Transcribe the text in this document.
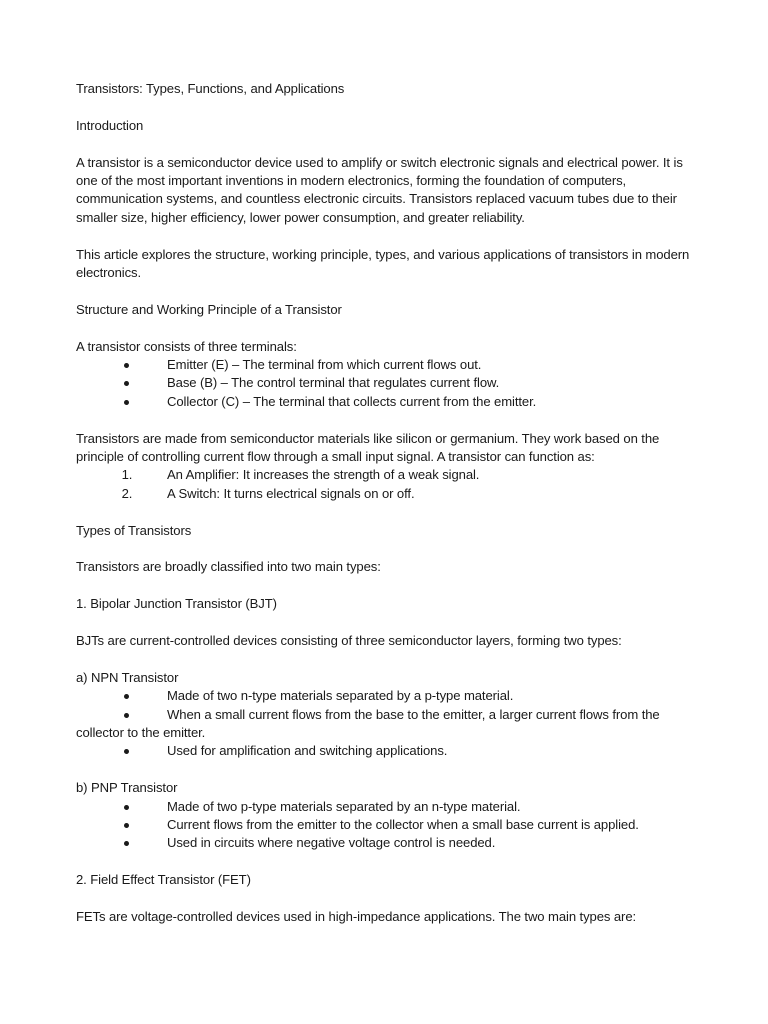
Transistors: Types, Functions, and Applications

Introduction

A transistor is a semiconductor device used to amplify or switch electronic signals and electrical power. It is one of the most important inventions in modern electronics, forming the foundation of computers, communication systems, and countless electronic circuits. Transistors replaced vacuum tubes due to their smaller size, higher efficiency, lower power consumption, and greater reliability.

This article explores the structure, working principle, types, and various applications of transistors in modern electronics.

Structure and Working Principle of a Transistor

A transistor consists of three terminals:

Emitter (E) – The terminal from which current flows out.
Base (B) – The control terminal that regulates current flow.
Collector (C) – The terminal that collects current from the emitter.

Transistors are made from semiconductor materials like silicon or germanium. They work based on the principle of controlling current flow through a small input signal. A transistor can function as:

1.	An Amplifier: It increases the strength of a weak signal.
2.	A Switch: It turns electrical signals on or off.

Types of Transistors

Transistors are broadly classified into two main types:

1. Bipolar Junction Transistor (BJT)

BJTs are current-controlled devices consisting of three semiconductor layers, forming two types:

a) NPN Transistor

Made of two n-type materials separated by a p-type material.
When a small current flows from the base to the emitter, a larger current flows from the collector to the emitter.
Used for amplification and switching applications.

b) PNP Transistor

Made of two p-type materials separated by an n-type material.
Current flows from the emitter to the collector when a small base current is applied.
Used in circuits where negative voltage control is needed.

2. Field Effect Transistor (FET)

FETs are voltage-controlled devices used in high-impedance applications. The two main types are:
